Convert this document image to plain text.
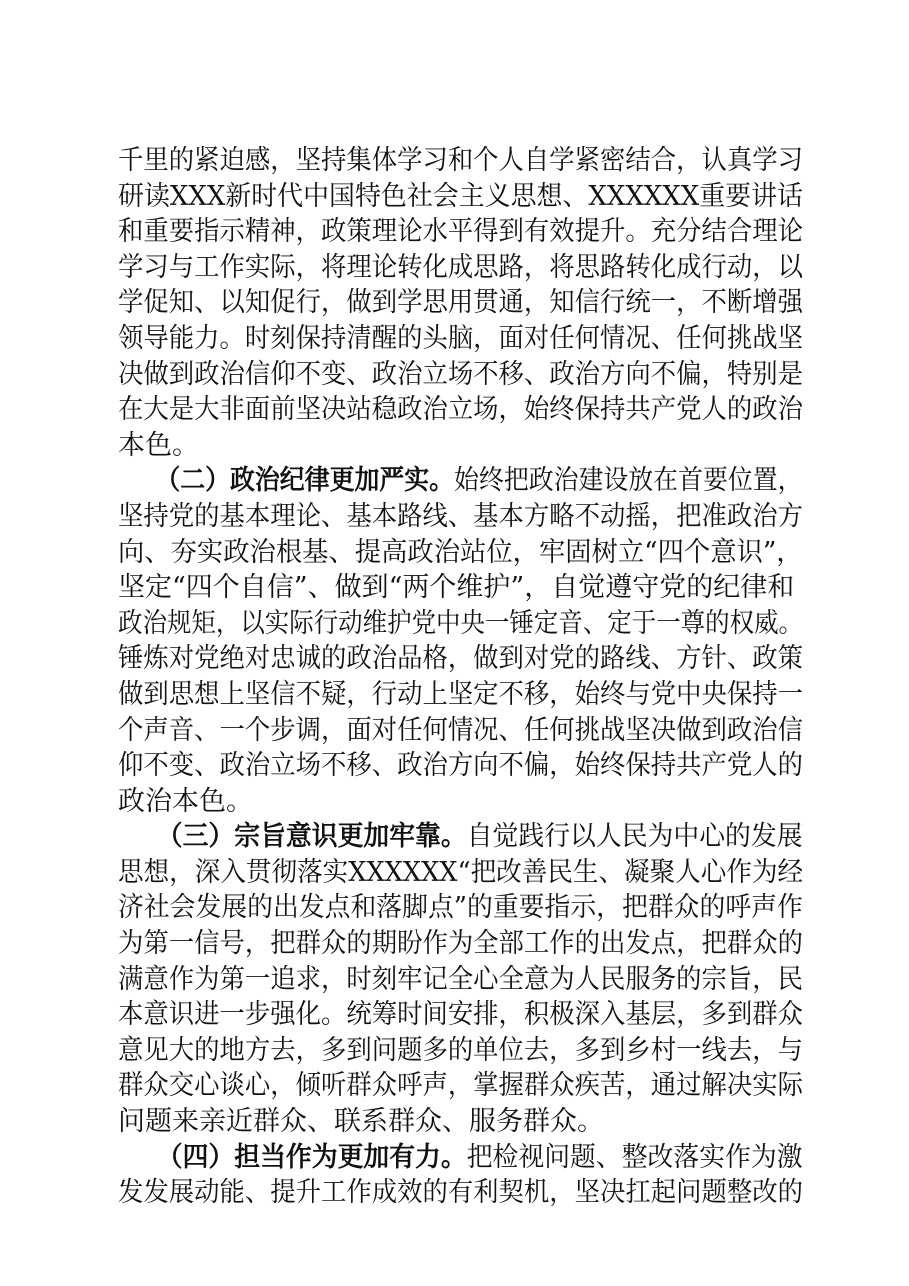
千里的紧迫感，坚持集体学习和个人自学紧密结合，认真学习
研读XXX新时代中国特色社会主义思想、XXXXXX重要讲话
和重要指示精神，政策理论水平得到有效提升。充分结合理论
学习与工作实际，将理论转化成思路，将思路转化成行动，以
学促知、以知促行，做到学思用贯通，知信行统一，不断增强
领导能力。时刻保持清醒的头脑，面对任何情况、任何挑战坚
决做到政治信仰不变、政治立场不移、政治方向不偏，特别是
在大是大非面前坚决站稳政治立场，始终保持共产党人的政治
本色。
　　（二）政治纪律更加严实。始终把政治建设放在首要位置，
坚持党的基本理论、基本路线、基本方略不动摇，把准政治方
向、夯实政治根基、提高政治站位，牢固树立“四个意识”，
坚定“四个自信”、做到“两个维护”，自觉遵守党的纪律和
政治规矩，以实际行动维护党中央一锤定音、定于一尊的权威。
锤炼对党绝对忠诚的政治品格，做到对党的路线、方针、政策
做到思想上坚信不疑，行动上坚定不移，始终与党中央保持一
个声音、一个步调，面对任何情况、任何挑战坚决做到政治信
仰不变、政治立场不移、政治方向不偏，始终保持共产党人的
政治本色。
　　（三）宗旨意识更加牢靠。自觉践行以人民为中心的发展
思想，深入贯彻落实XXXXXX“把改善民生、凝聚人心作为经
济社会发展的出发点和落脚点”的重要指示，把群众的呼声作
为第一信号，把群众的期盼作为全部工作的出发点，把群众的
满意作为第一追求，时刻牢记全心全意为人民服务的宗旨，民
本意识进一步强化。统筹时间安排，积极深入基层，多到群众
意见大的地方去，多到问题多的单位去，多到乡村一线去，与
群众交心谈心，倾听群众呼声，掌握群众疾苦，通过解决实际
问题来亲近群众、联系群众、服务群众。
　　（四）担当作为更加有力。把检视问题、整改落实作为激
发发展动能、提升工作成效的有利契机，坚决扛起问题整改的
